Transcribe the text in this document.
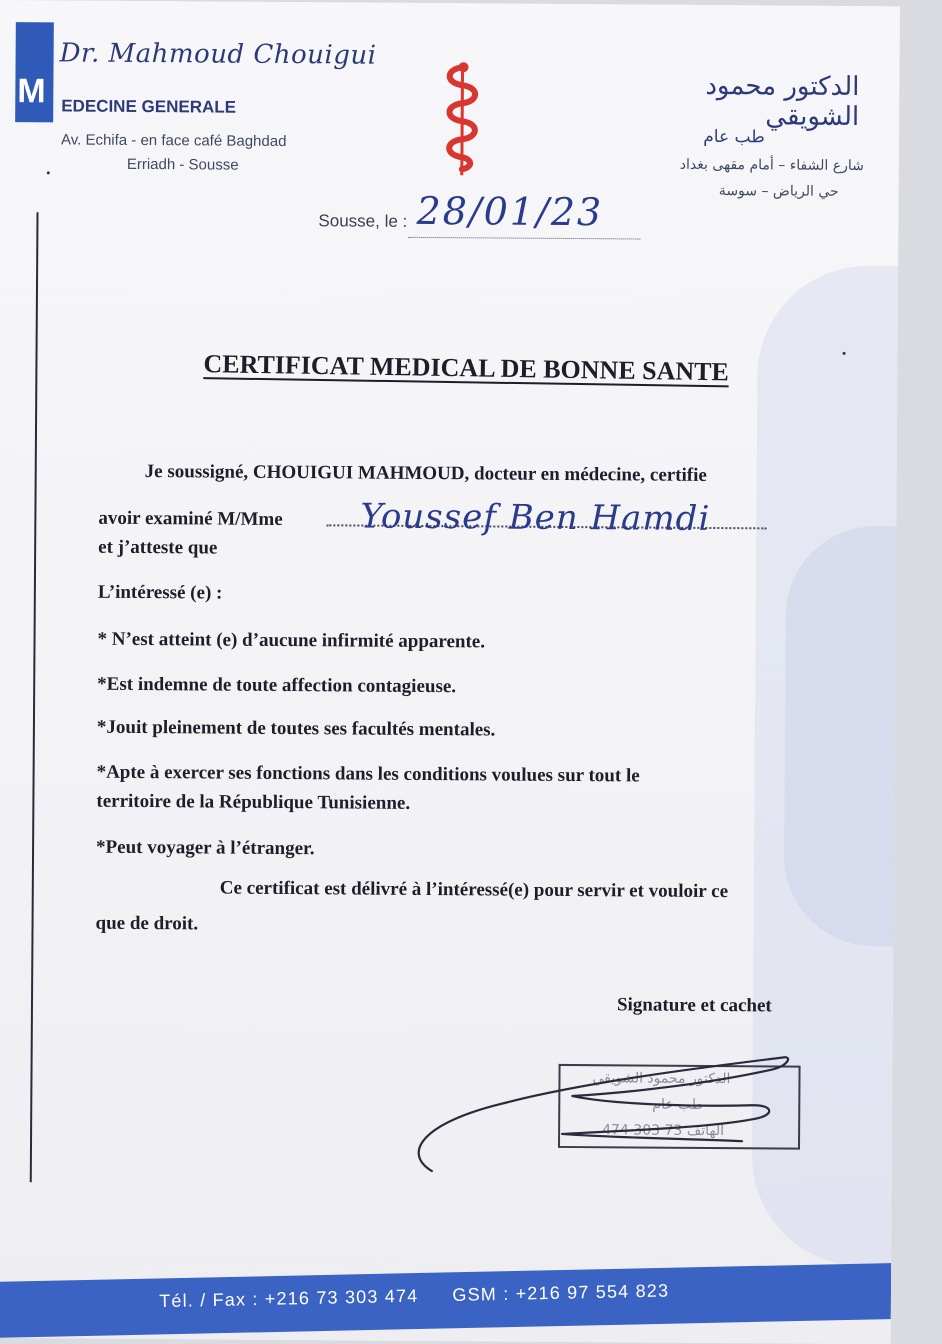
M
Dr. Mahmoud Chouigui
EDECINE GENERALE
Av. Echifa - en face café Baghdad
Erriadh - Sousse
الدكتور محمود الشويقي
طب عام
شارع الشفاء – أمام مقهى بغداد
حي الرياض – سوسة
Sousse, le : 28/01/23
CERTIFICAT MEDICAL DE BONNE SANTE
Je soussigné, CHOUIGUI MAHMOUD, docteur en médecine, certifie
avoir examiné M/Mme Youssef Ben Hamdi
et j’atteste que
L’intéressé (e) :
* N’est atteint (e) d’aucune infirmité apparente.
*Est indemne de toute affection contagieuse.
*Jouit pleinement de toutes ses facultés mentales.
*Apte à exercer ses fonctions dans les conditions voulues sur tout le
territoire de la République Tunisienne.
*Peut voyager à l’étranger.
Ce certificat est délivré à l’intéressé(e) pour servir et vouloir ce
que de droit.
Signature et cachet
الدكتور محمود الشويقي
طب عام
الهاتف 73 303 474
Tél. / Fax : +216 73 303 474 GSM : +216 97 554 823
